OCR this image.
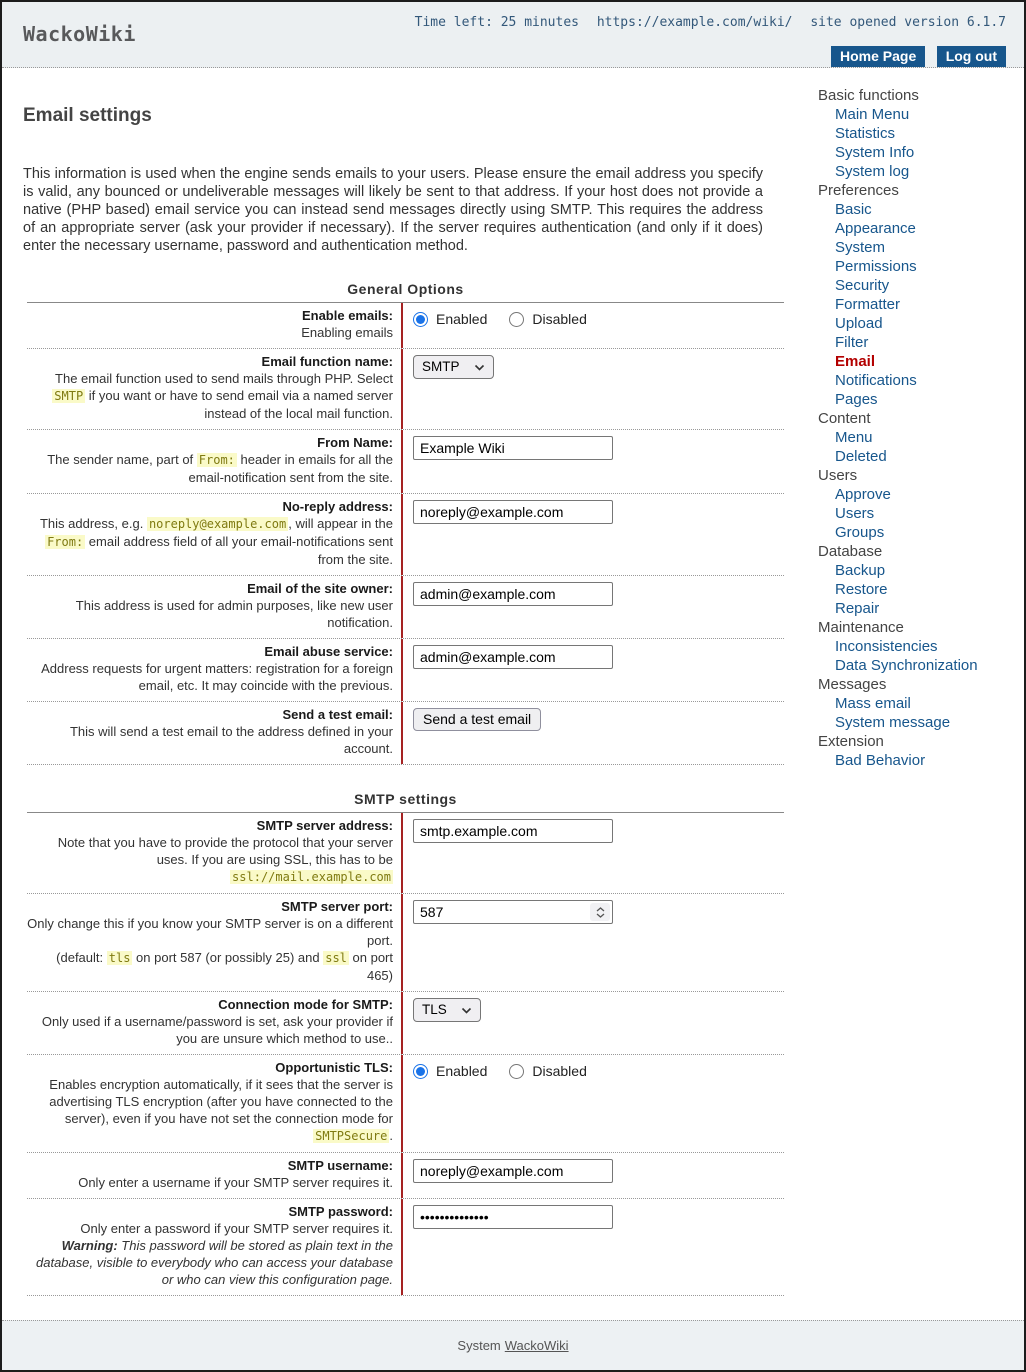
WackoWiki	Time left: 25 minutes https://example.com/wiki/ site opened version 6.1.7
Home Page Log out
Basic functions
Main Menu
Statistics
System Info
System log
Preferences
Basic
Appearance
System
Permissions
Security
Formatter
Upload
Filter
Email
Notifications
Pages
Content
Menu
Deleted
Users
Approve
Users
Groups
Database
Backup
Restore
Repair
Maintenance
Inconsistencies
Data Synchronization
Messages
Mass email
System message
Extension
Bad Behavior
Email settings
This information is used when the engine sends emails to your users. Please ensure the email address you specify is valid, any bounced or undeliverable messages will likely be sent to that address. If your host does not provide a native (PHP based) email service you can instead send messages directly using SMTP. This requires the address of an appropriate server (ask your provider if necessary). If the server requires authentication (and only if it does) enter the necessary username, password and authentication method.
General Options
Enable emails:
Enabling emails
Enabled	Disabled
Email function name:
The email function used to send mails through PHP. Select SMTP if you want or have to send email via a named server instead of the local mail function.
SMTP
From Name:
The sender name, part of From: header in emails for all the email-notification sent from the site.
Example Wiki
No-reply address:
This address, e.g. noreply@example.com , will appear in the From: email address field of all your email-notifications sent from the site.
noreply@example.com
Email of the site owner:
This address is used for admin purposes, like new user notification.
admin@example.com
Email abuse service:
Address requests for urgent matters: registration for a foreign email, etc. It may coincide with the previous.
admin@example.com
Send a test email:
This will send a test email to the address defined in your account.
Send a test email
SMTP settings
SMTP server address:
Note that you have to provide the protocol that your server uses. If you are using SSL, this has to be ssl://mail.example.com
smtp.example.com
SMTP server port:
Only change this if you know your SMTP server is on a different port.
(default: tls on port 587 (or possibly 25) and ssl on port 465)
587
Connection mode for SMTP:
Only used if a username/password is set, ask your provider if you are unsure which method to use..
TLS
Opportunistic TLS:
Enables encryption automatically, if it sees that the server is advertising TLS encryption (after you have connected to the server), even if you have not set the connection mode for SMTPSecure .
Enabled	Disabled
SMTP username:
Only enter a username if your SMTP server requires it.
noreply@example.com
SMTP password:
Only enter a password if your SMTP server requires it.
Warning: This password will be stored as plain text in the database, visible to everybody who can access your database or who can view this configuration page.
••••••••••••••
System WackoWiki
